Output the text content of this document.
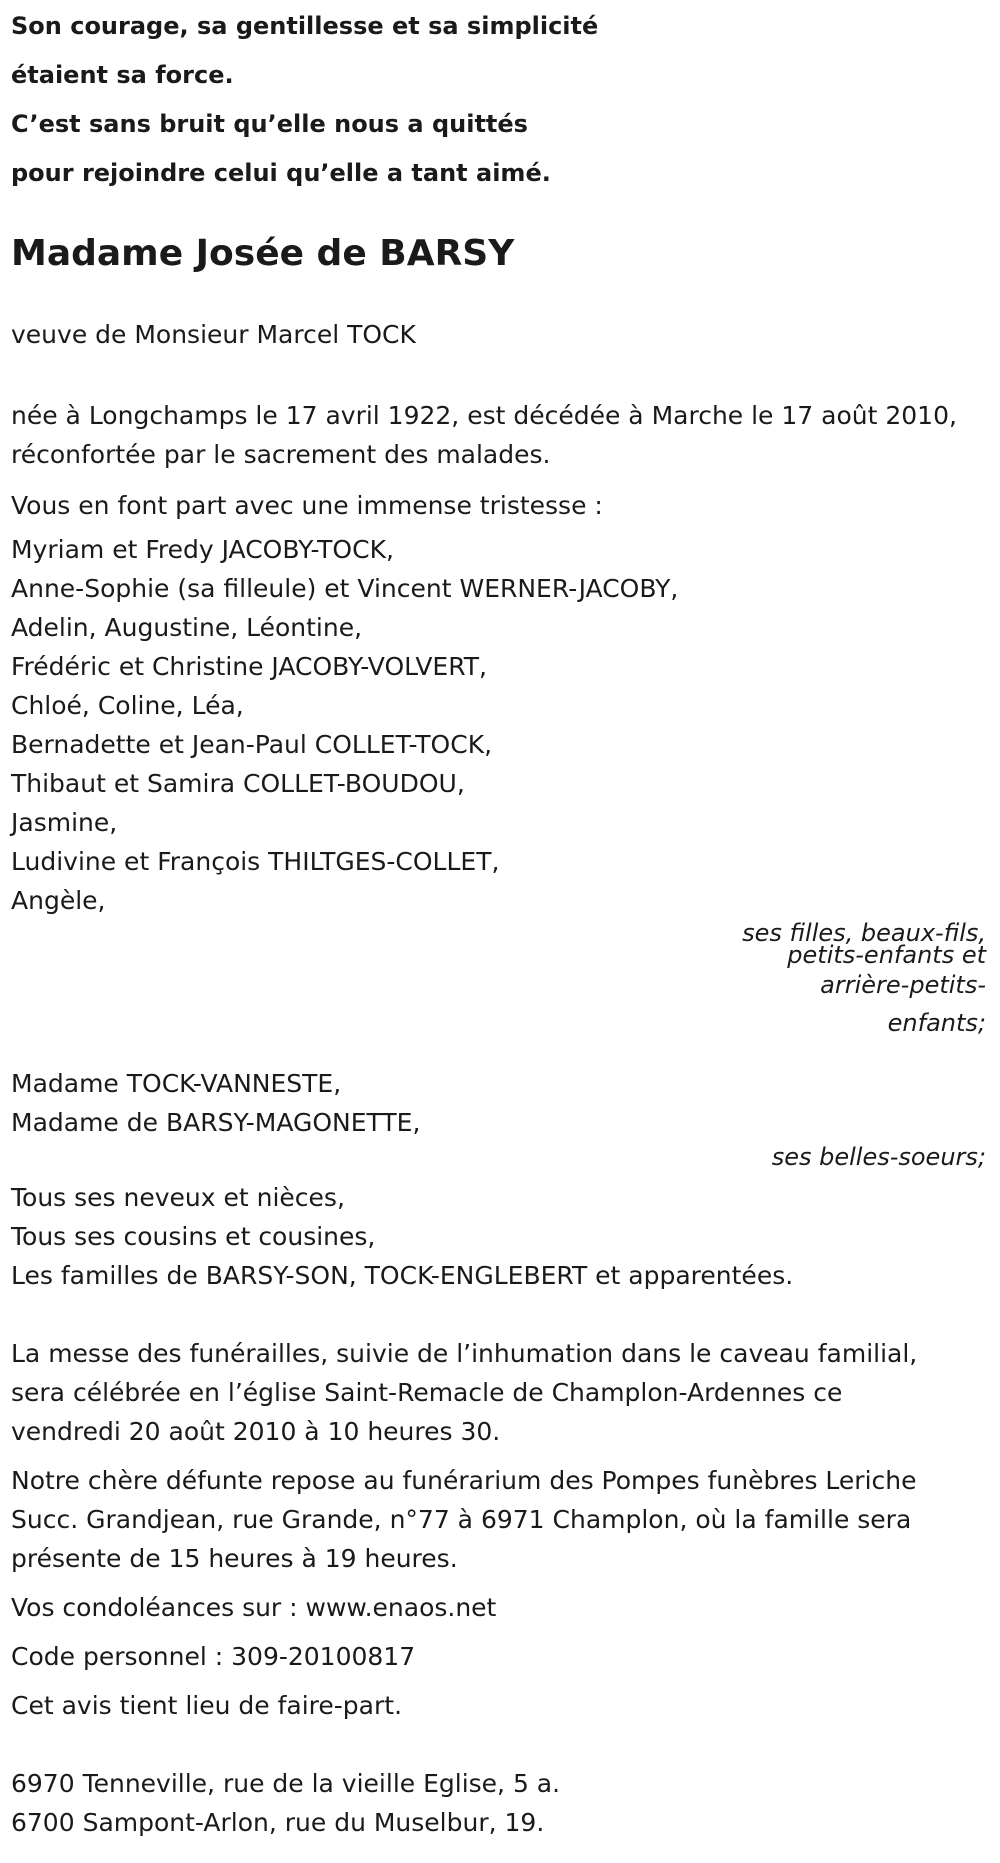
Son courage, sa gentillesse et sa simplicité
étaient sa force.
C’est sans bruit qu’elle nous a quittés
pour rejoindre celui qu’elle a tant aimé.
Madame Josée de BARSY
veuve de Monsieur Marcel TOCK
née à Longchamps le 17 avril 1922, est décédée à Marche le 17 août 2010,
réconfortée par le sacrement des malades.
Vous en font part avec une immense tristesse :
Myriam et Fredy JACOBY-TOCK,
Anne-Sophie (sa filleule) et Vincent WERNER-JACOBY,
Adelin, Augustine, Léontine,
Frédéric et Christine JACOBY-VOLVERT,
Chloé, Coline, Léa,
Bernadette et Jean-Paul COLLET-TOCK,
Thibaut et Samira COLLET-BOUDOU,
Jasmine,
Ludivine et François THILTGES-COLLET,
Angèle,
ses filles, beaux-fils,
petits-enfants et
arrière-petits-
enfants;
Madame TOCK-VANNESTE,
Madame de BARSY-MAGONETTE,
ses belles-soeurs;
Tous ses neveux et nièces,
Tous ses cousins et cousines,
Les familles de BARSY-SON, TOCK-ENGLEBERT et apparentées.
La messe des funérailles, suivie de l’inhumation dans le caveau familial,
sera célébrée en l’église Saint-Remacle de Champlon-Ardennes ce
vendredi 20 août 2010 à 10 heures 30.
Notre chère défunte repose au funérarium des Pompes funèbres Leriche
Succ. Grandjean, rue Grande, n°77 à 6971 Champlon, où la famille sera
présente de 15 heures à 19 heures.
Vos condoléances sur : www.enaos.net
Code personnel : 309-20100817
Cet avis tient lieu de faire-part.
6970 Tenneville, rue de la vieille Eglise, 5 a.
6700 Sampont-Arlon, rue du Muselbur, 19.
